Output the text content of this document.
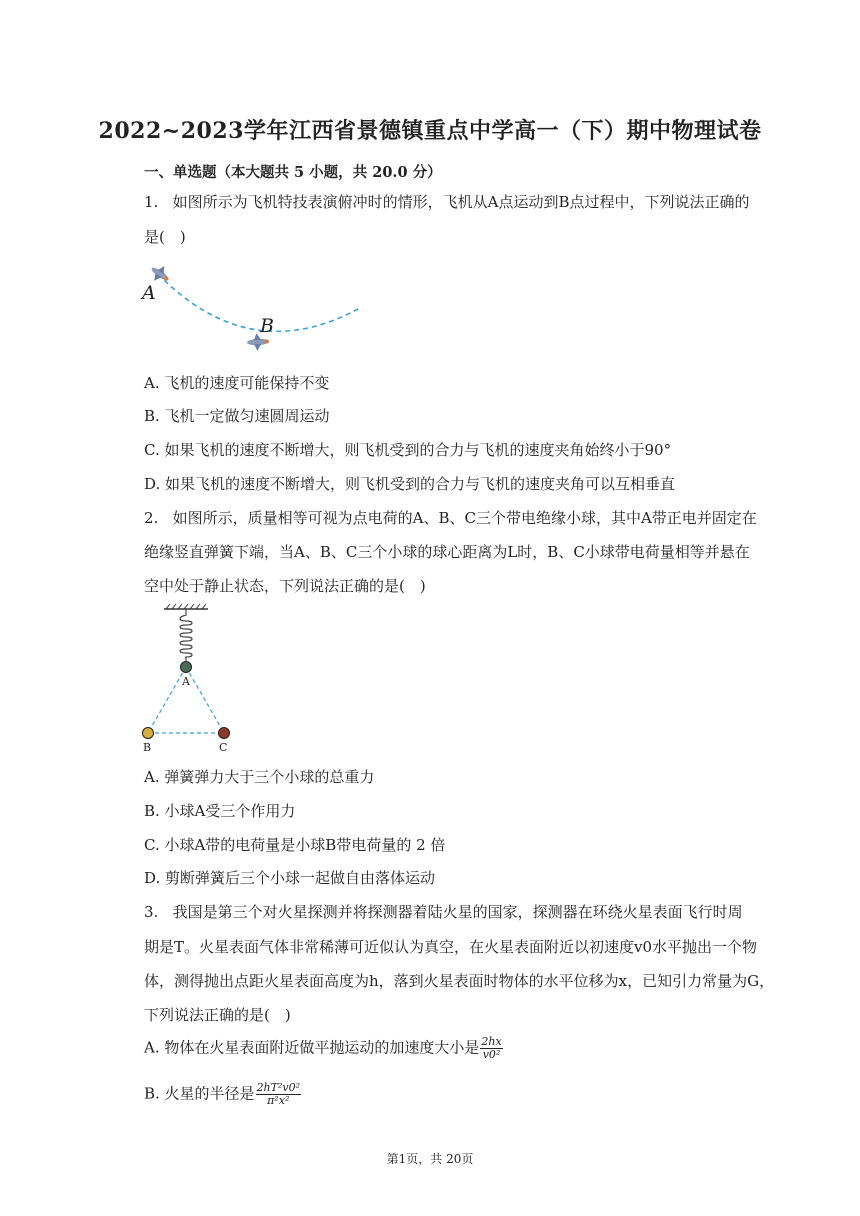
2022~2023学年江西省景德镇重点中学高一（下）期中物理试卷
一、单选题（本大题共 5 小题，共 20.0 分）
1. 如图所示为飞机特技表演俯冲时的情形，飞机从A点运动到B点过程中，下列说法正确的
是(　)
A
B
A. 飞机的速度可能保持不变
B. 飞机一定做匀速圆周运动
C. 如果飞机的速度不断增大，则飞机受到的合力与飞机的速度夹角始终小于90°
D. 如果飞机的速度不断增大，则飞机受到的合力与飞机的速度夹角可以互相垂直
2. 如图所示，质量相等可视为点电荷的A、B、C三个带电绝缘小球，其中A带正电并固定在
绝缘竖直弹簧下端，当A、B、C三个小球的球心距离为L时，B、C小球带电荷量相等并悬在
空中处于静止状态，下列说法正确的是(　)
A
B	C
A. 弹簧弹力大于三个小球的总重力
B. 小球A受三个作用力
C. 小球A带的电荷量是小球B带电荷量的 2 倍
D. 剪断弹簧后三个小球一起做自由落体运动
3. 我国是第三个对火星探测并将探测器着陆火星的国家，探测器在环绕火星表面飞行时周
期是T。火星表面气体非常稀薄可近似认为真空，在火星表面附近以初速度v0水平抛出一个物
体，测得抛出点距火星表面高度为h，落到火星表面时物体的水平位移为x，已知引力常量为G，
下列说法正确的是(　)
A. 物体在火星表面附近做平抛运动的加速度大小是 $\frac{2hx}{\text{v0²}}$
B. 火星的半径是 $\frac{\text{2hT²v0²}}{\text{π²x²}}$
第1页，共 20页
